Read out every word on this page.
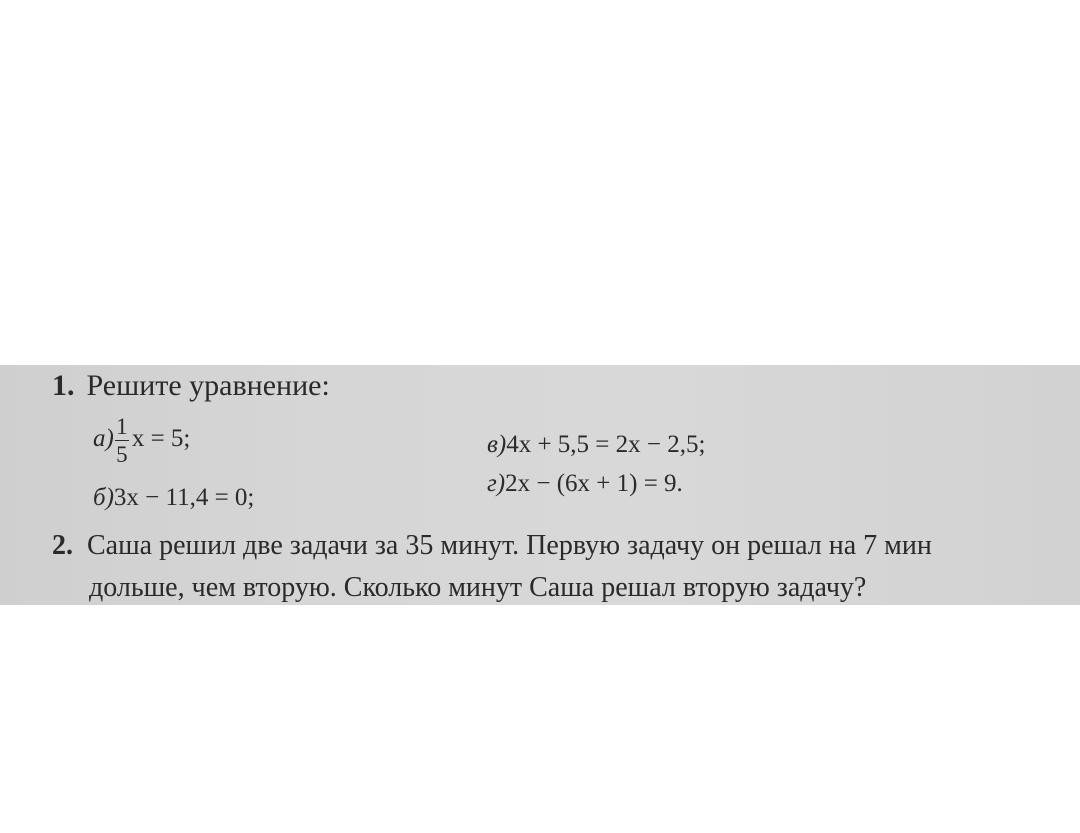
1. Решите уравнение:
$а) \frac{1}{5}$ x = 5;
б)3x − 11,4 = 0;
в)4x + 5,5 = 2x − 2,5;
г)2x − (6x + 1) = 9.
2. Саша решил две задачи за 35 минут. Первую задачу он решал на 7 мин
дольше, чем вторую. Сколько минут Саша решал вторую задачу?
